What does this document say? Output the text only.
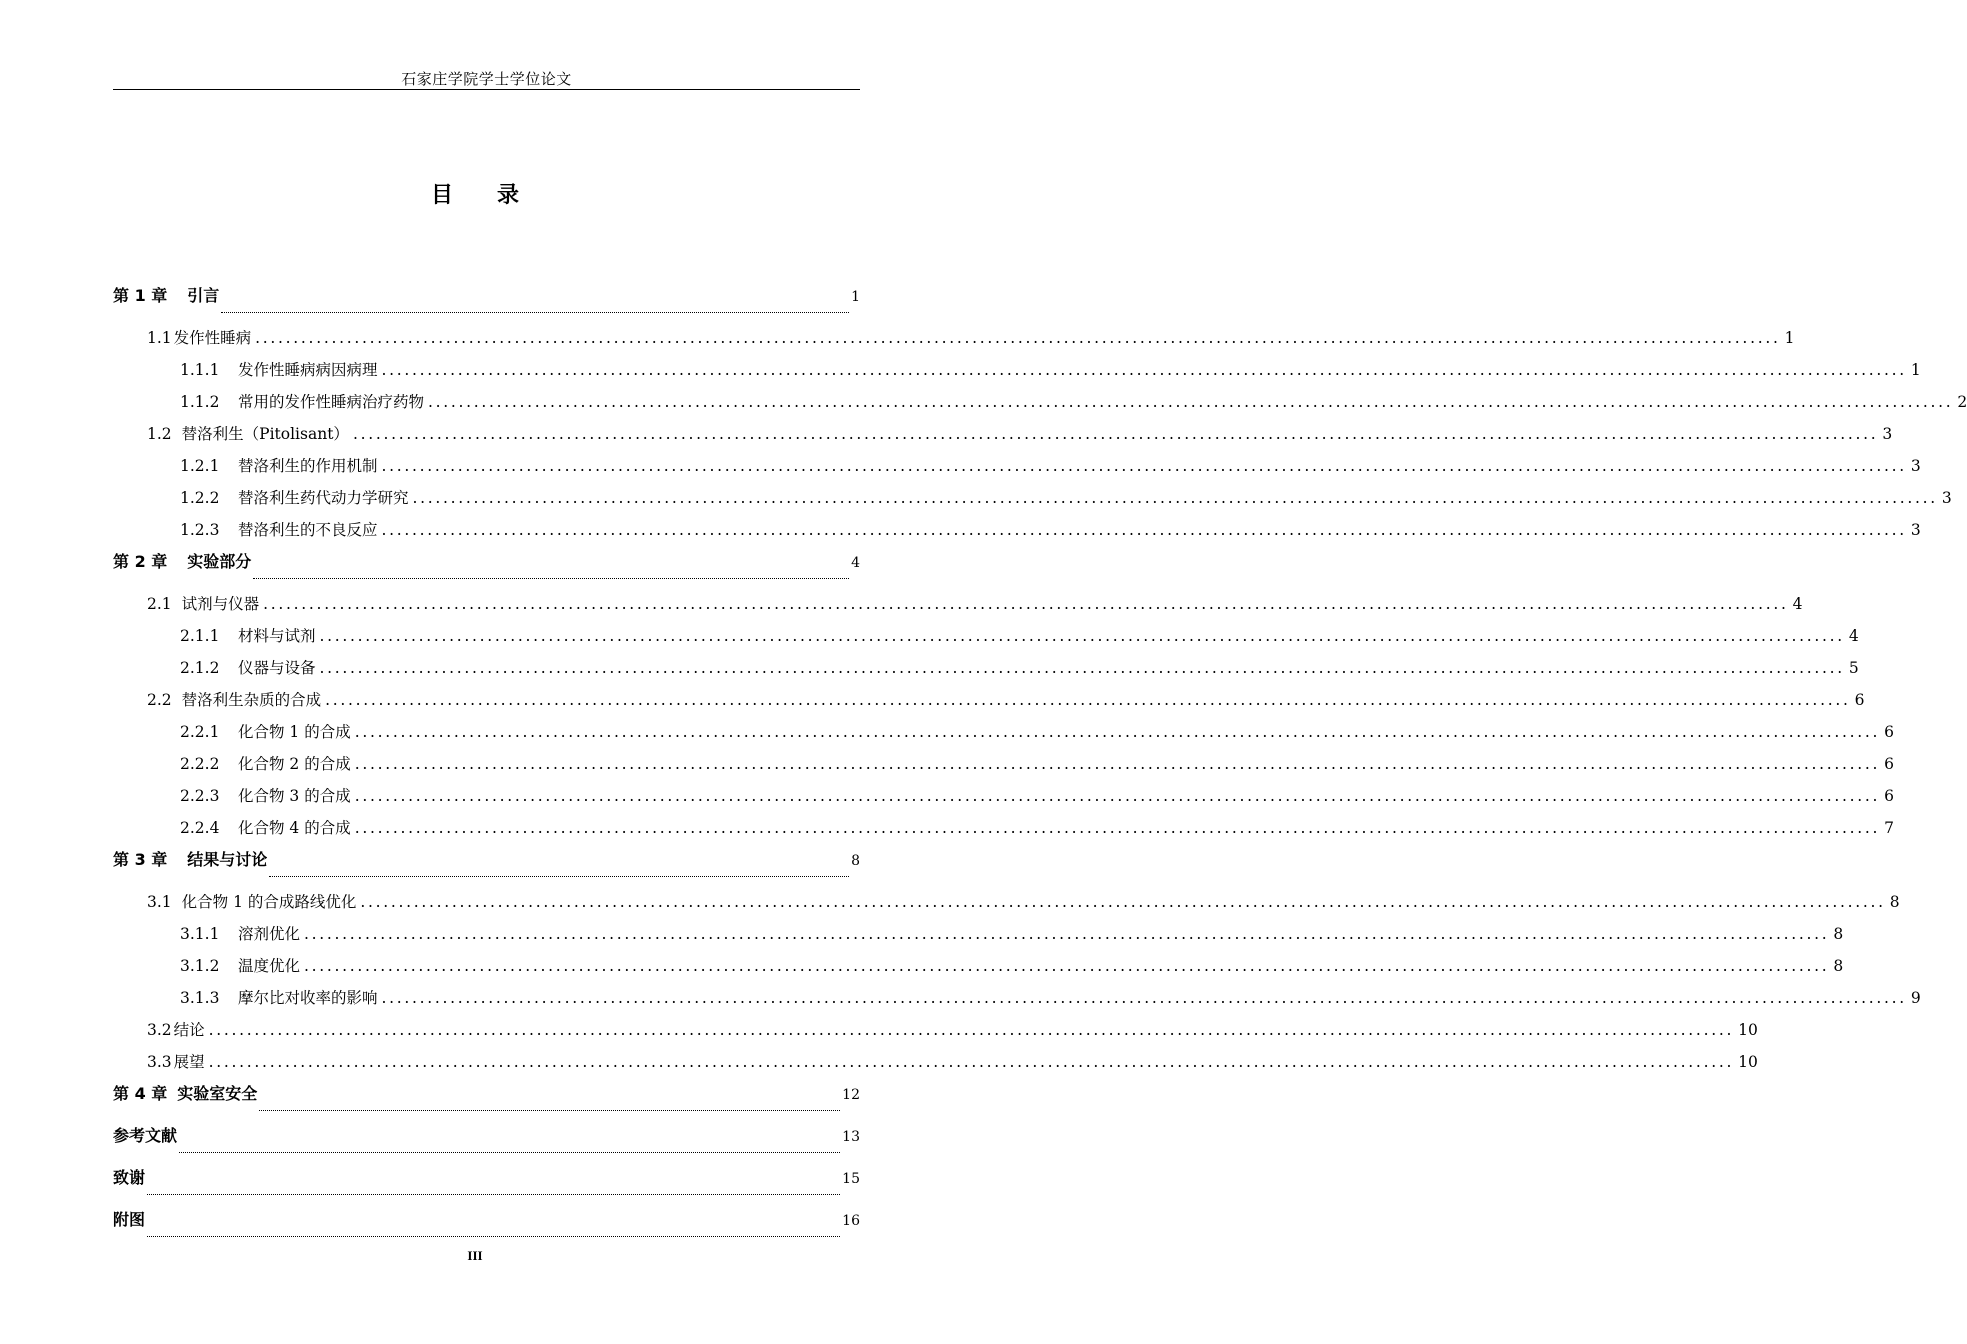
石家庄学院学士学位论文
目录
第 1 章 引言	1
1.1 发作性睡病 ........................................................................................................................................................................................................ 1
1.1.1 发作性睡病病因病理 ........................................................................................................................................................................................................ 1
1.1.2 常用的发作性睡病治疗药物 ........................................................................................................................................................................................................ 2
1.2 替洛利生（Pitolisant） ........................................................................................................................................................................................................ 3
1.2.1 替洛利生的作用机制 ........................................................................................................................................................................................................ 3
1.2.2 替洛利生药代动力学研究 ........................................................................................................................................................................................................ 3
1.2.3 替洛利生的不良反应 ........................................................................................................................................................................................................ 3
第 2 章 实验部分	4
2.1 试剂与仪器 ........................................................................................................................................................................................................ 4
2.1.1 材料与试剂 ........................................................................................................................................................................................................ 4
2.1.2 仪器与设备 ........................................................................................................................................................................................................ 5
2.2 替洛利生杂质的合成 ........................................................................................................................................................................................................ 6
2.2.1 化合物 1 的合成 ........................................................................................................................................................................................................ 6
2.2.2 化合物 2 的合成 ........................................................................................................................................................................................................ 6
2.2.3 化合物 3 的合成 ........................................................................................................................................................................................................ 6
2.2.4 化合物 4 的合成 ........................................................................................................................................................................................................ 7
第 3 章 结果与讨论	8
3.1 化合物 1 的合成路线优化 ........................................................................................................................................................................................................ 8
3.1.1 溶剂优化 ........................................................................................................................................................................................................ 8
3.1.2 温度优化 ........................................................................................................................................................................................................ 8
3.1.3 摩尔比对收率的影响 ........................................................................................................................................................................................................ 9
3.2 结论 ........................................................................................................................................................................................................ 10
3.3 展望 ........................................................................................................................................................................................................ 10
第 4 章 实验室安全	12
参考文献	13
致谢	15
附图	16
III
